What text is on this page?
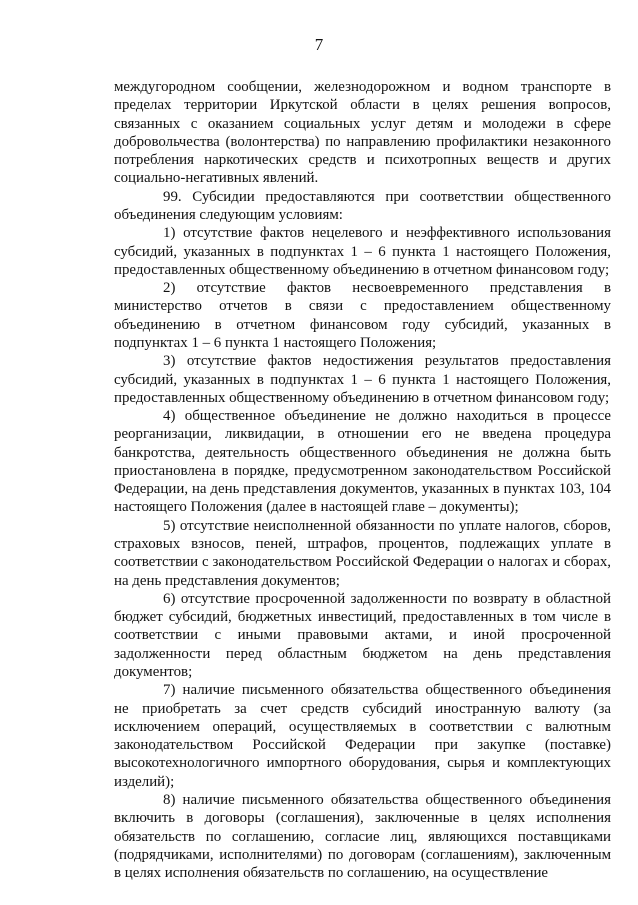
7

междугородном сообщении, железнодорожном и водном транспорте в пределах территории Иркутской области в целях решения вопросов, связанных с оказанием социальных услуг детям и молодежи в сфере добровольчества (волонтерства) по направлению профилактики незаконного потребления наркотических средств и психотропных веществ и других социально-негативных явлений.

99. Субсидии предоставляются при соответствии общественного объединения следующим условиям:

1) отсутствие фактов нецелевого и неэффективного использования субсидий, указанных в подпунктах 1 – 6 пункта 1 настоящего Положения, предоставленных общественному объединению в отчетном финансовом году;

2) отсутствие фактов несвоевременного представления в министерство отчетов в связи с предоставлением общественному объединению в отчетном финансовом году субсидий, указанных в подпунктах 1 – 6 пункта 1 настоящего Положения;

3) отсутствие фактов недостижения результатов предоставления субсидий, указанных в подпунктах 1 – 6 пункта 1 настоящего Положения, предоставленных общественному объединению в отчетном финансовом году;

4) общественное объединение не должно находиться в процессе реорганизации, ликвидации, в отношении его не введена процедура банкротства, деятельность общественного объединения не должна быть приостановлена в порядке, предусмотренном законодательством Российской Федерации, на день представления документов, указанных в пунктах 103, 104 настоящего Положения (далее в настоящей главе – документы);

5) отсутствие неисполненной обязанности по уплате налогов, сборов, страховых взносов, пеней, штрафов, процентов, подлежащих уплате в соответствии с законодательством Российской Федерации о налогах и сборах, на день представления документов;

6) отсутствие просроченной задолженности по возврату в областной бюджет субсидий, бюджетных инвестиций, предоставленных в том числе в соответствии с иными правовыми актами, и иной просроченной задолженности перед областным бюджетом на день представления документов;

7) наличие письменного обязательства общественного объединения не приобретать за счет средств субсидий иностранную валюту (за исключением операций, осуществляемых в соответствии с валютным законодательством Российской Федерации при закупке (поставке) высокотехнологичного импортного оборудования, сырья и комплектующих изделий);

8) наличие письменного обязательства общественного объединения включить в договоры (соглашения), заключенные в целях исполнения обязательств по соглашению, согласие лиц, являющихся поставщиками (подрядчиками, исполнителями) по договорам (соглашениям), заключенным в целях исполнения обязательств по соглашению, на осуществление
